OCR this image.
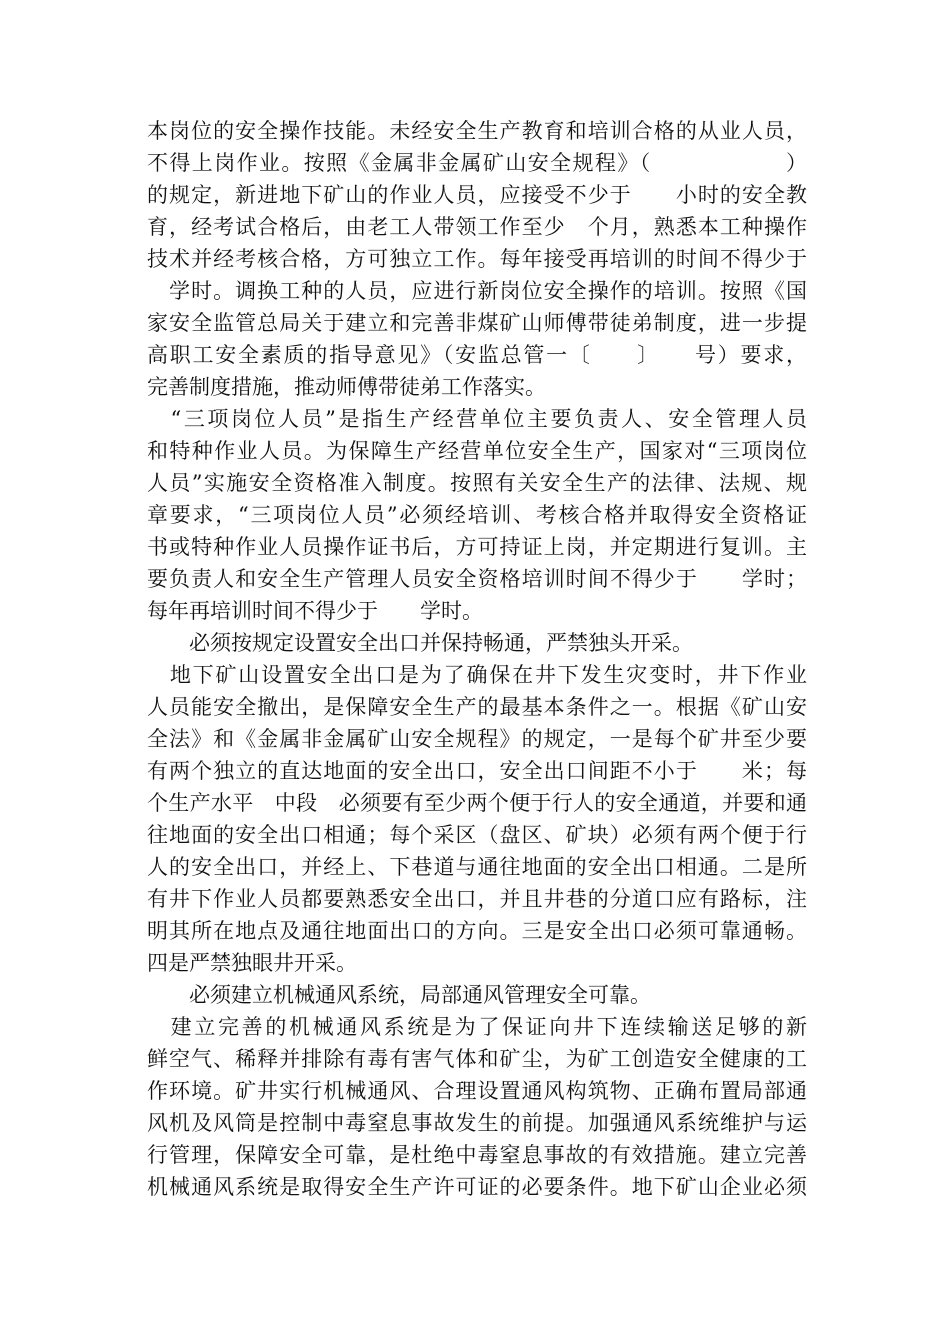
本岗位的安全操作技能。未经安全生产教育和培训合格的从业人员，
不得上岗作业。按照《金属非金属矿山安全规程》（　　　　　　）
的规定，新进地下矿山的作业人员，应接受不少于　　小时的安全教
育，经考试合格后，由老工人带领工作至少　个月，熟悉本工种操作
技术并经考核合格，方可独立工作。每年接受再培训的时间不得少于
　学时。调换工种的人员，应进行新岗位安全操作的培训。按照《国
家安全监管总局关于建立和完善非煤矿山师傅带徒弟制度，进一步提
高职工安全素质的指导意见》（安监总管一〔　　〕　　号）要求，
完善制度措施，推动师傅带徒弟工作落实。
　“三项岗位人员”是指生产经营单位主要负责人、安全管理人员
和特种作业人员。为保障生产经营单位安全生产，国家对“三项岗位
人员”实施安全资格准入制度。按照有关安全生产的法律、法规、规
章要求，“三项岗位人员”必须经培训、考核合格并取得安全资格证
书或特种作业人员操作证书后，方可持证上岗，并定期进行复训。主
要负责人和安全生产管理人员安全资格培训时间不得少于　　学时；
每年再培训时间不得少于　　学时。
　　必须按规定设置安全出口并保持畅通，严禁独头开采。
　地下矿山设置安全出口是为了确保在井下发生灾变时，井下作业
人员能安全撤出，是保障安全生产的最基本条件之一。根据《矿山安
全法》和《金属非金属矿山安全规程》的规定，一是每个矿井至少要
有两个独立的直达地面的安全出口，安全出口间距不小于　　米；每
个生产水平　中段　必须要有至少两个便于行人的安全通道，并要和通
往地面的安全出口相通；每个采区（盘区、矿块）必须有两个便于行
人的安全出口，并经上、下巷道与通往地面的安全出口相通。二是所
有井下作业人员都要熟悉安全出口，并且井巷的分道口应有路标，注
明其所在地点及通往地面出口的方向。三是安全出口必须可靠通畅。
四是严禁独眼井开采。
　　必须建立机械通风系统，局部通风管理安全可靠。
　建立完善的机械通风系统是为了保证向井下连续输送足够的新
鲜空气、稀释并排除有毒有害气体和矿尘，为矿工创造安全健康的工
作环境。矿井实行机械通风、合理设置通风构筑物、正确布置局部通
风机及风筒是控制中毒窒息事故发生的前提。加强通风系统维护与运
行管理，保障安全可靠，是杜绝中毒窒息事故的有效措施。建立完善
机械通风系统是取得安全生产许可证的必要条件。地下矿山企业必须
